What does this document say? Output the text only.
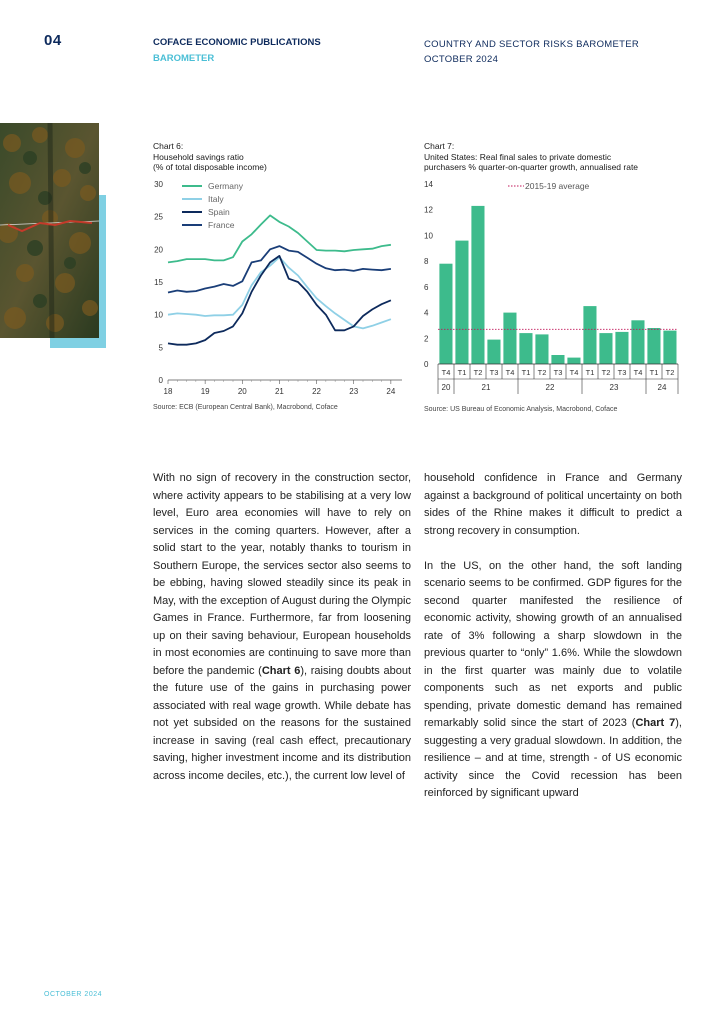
04	COFACE ECONOMIC PUBLICATIONS
BAROMETER
COUNTRY AND SECTOR RISKS BAROMETER
OCTOBER 2024
Chart 6:
Household savings ratio
(% of total disposable income)
0
5
10
15
20
25
30
18	19	20	21	22	23	24
Germany
Italy
Spain
France
Source: ECB (European Central Bank), Macrobond, Coface
Chart 7:
United States: Real final sales to private domestic
purchasers % quarter-on-quarter growth, annualised rate
0
2
4
6
8
10
12
14	2015-19 average
T4 T1 T2 T3 T4 T1 T2 T3 T4 T1 T2 T3 T4 T1 T2
20	21	22	23	24
Source: US Bureau of Economic Analysis, Macrobond, Coface

With no sign of recovery in the construction sector, where activity appears to be stabilising at a very low level, Euro area economies will have to rely on services in the coming quarters. However, after a solid start to the year, notably thanks to tourism in Southern Europe, the services sector also seems to be ebbing, having slowed steadily since its peak in May, with the exception of August during the Olympic Games in France. Furthermore, far from loosening up on their saving behaviour, European households in most economies are continuing to save more than before the pandemic (Chart 6), raising doubts about the future use of the gains in purchasing power associated with real wage growth. While debate has not yet subsided on the reasons for the sustained increase in saving (real cash effect, precautionary saving, higher investment income and its distribution across income deciles, etc.), the current low level of

household confidence in France and Germany against a background of political uncertainty on both sides of the Rhine makes it difficult to predict a strong recovery in consumption.

In the US, on the other hand, the soft landing scenario seems to be confirmed. GDP figures for the second quarter manifested the resilience of economic activity, showing growth of an annualised rate of 3% following a sharp slowdown in the previous quarter to “only” 1.6%. While the slowdown in the first quarter was mainly due to volatile components such as net exports and public spending, private domestic demand has remained remarkably solid since the start of 2023 (Chart 7), suggesting a very gradual slowdown. In addition, the resilience – and at time, strength - of US economic activity since the Covid recession has been reinforced by significant upward

OCTOBER 2024
